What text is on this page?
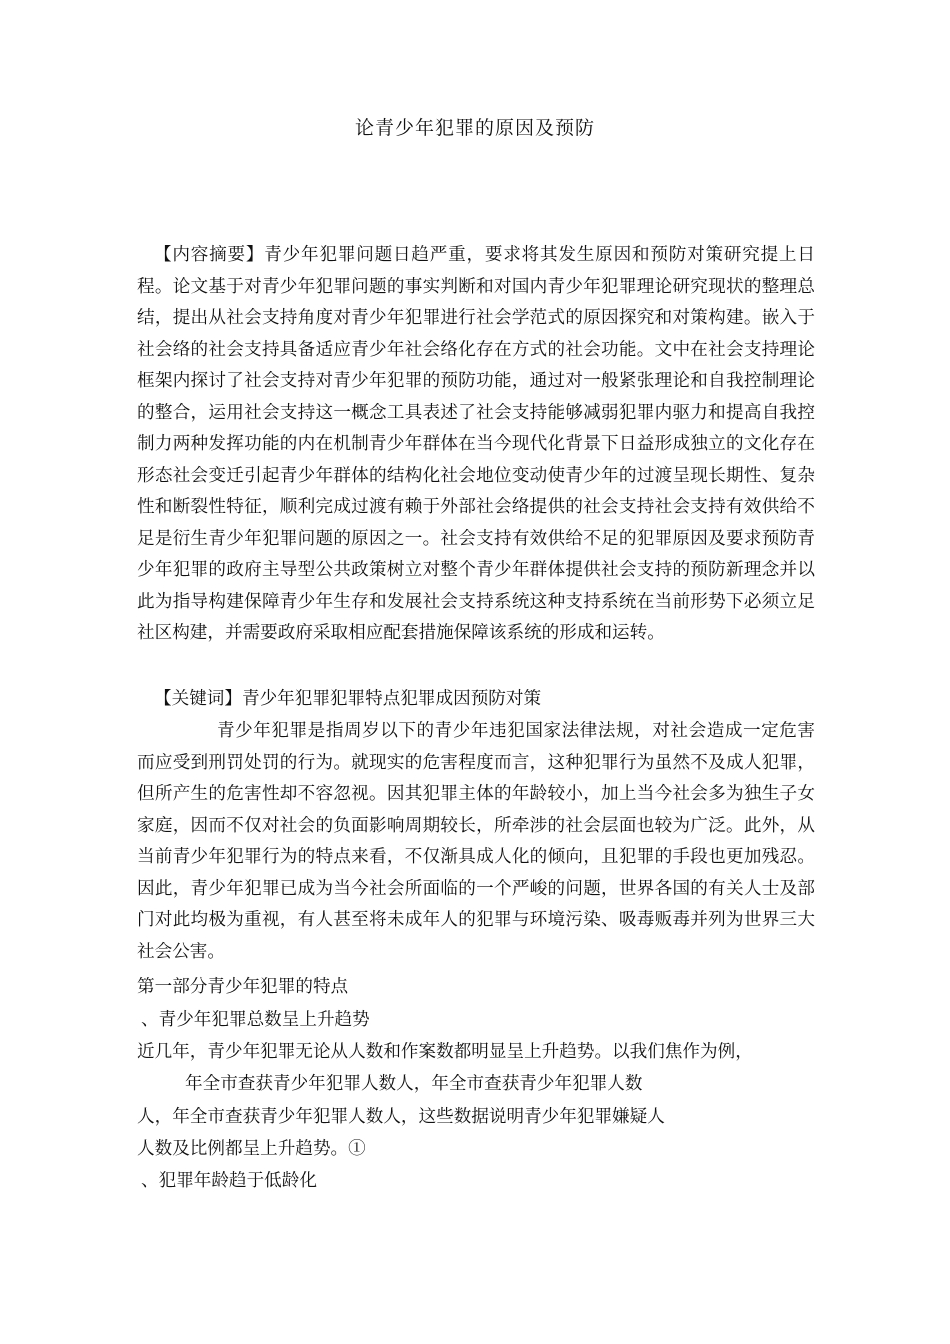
论青少年犯罪的原因及预防
【内容摘要】青少年犯罪问题日趋严重，要求将其发生原因和预防对策研究提上日程。论文基于对青少年犯罪问题的事实判断和对国内青少年犯罪理论研究现状的整理总结，提出从社会支持角度对青少年犯罪进行社会学范式的原因探究和对策构建。嵌入于社会络的社会支持具备适应青少年社会络化存在方式的社会功能。文中在社会支持理论框架内探讨了社会支持对青少年犯罪的预防功能，通过对一般紧张理论和自我控制理论的整合，运用社会支持这一概念工具表述了社会支持能够减弱犯罪内驱力和提高自我控制力两种发挥功能的内在机制青少年群体在当今现代化背景下日益形成独立的文化存在形态社会变迁引起青少年群体的结构化社会地位变动使青少年的过渡呈现长期性、复杂性和断裂性特征，顺利完成过渡有赖于外部社会络提供的社会支持社会支持有效供给不足是衍生青少年犯罪问题的原因之一。社会支持有效供给不足的犯罪原因及要求预防青少年犯罪的政府主导型公共政策树立对整个青少年群体提供社会支持的预防新理念并以此为指导构建保障青少年生存和发展社会支持系统这种支持系统在当前形势下必须立足社区构建，并需要政府采取相应配套措施保障该系统的形成和运转。
【关键词】青少年犯罪犯罪特点犯罪成因预防对策
青少年犯罪是指周岁以下的青少年违犯国家法律法规，对社会造成一定危害而应受到刑罚处罚的行为。就现实的危害程度而言，这种犯罪行为虽然不及成人犯罪，但所产生的危害性却不容忽视。因其犯罪主体的年龄较小，加上当今社会多为独生子女家庭，因而不仅对社会的负面影响周期较长，所牵涉的社会层面也较为广泛。此外，从当前青少年犯罪行为的特点来看，不仅渐具成人化的倾向，且犯罪的手段也更加残忍。因此，青少年犯罪已成为当今社会所面临的一个严峻的问题，世界各国的有关人士及部门对此均极为重视，有人甚至将未成年人的犯罪与环境污染、吸毒贩毒并列为世界三大社会公害。
第一部分青少年犯罪的特点
、青少年犯罪总数呈上升趋势
近几年，青少年犯罪无论从人数和作案数都明显呈上升趋势。以我们焦作为例，
年全市查获青少年犯罪人数人，年全市查获青少年犯罪人数
人，年全市查获青少年犯罪人数人，这些数据说明青少年犯罪嫌疑人
人数及比例都呈上升趋势。①
、犯罪年龄趋于低龄化
